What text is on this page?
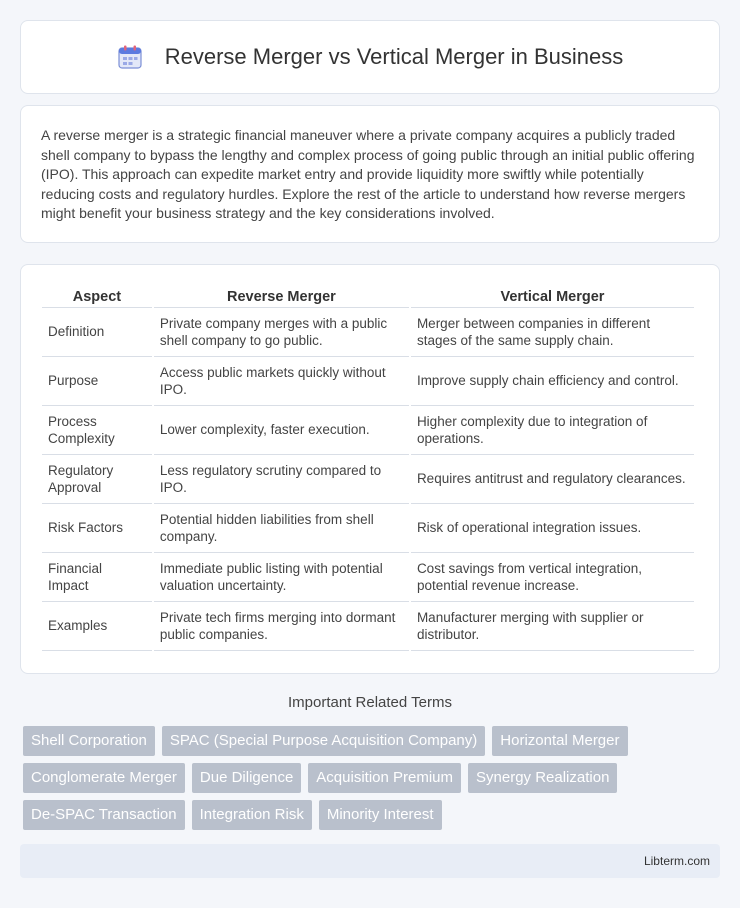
Reverse Merger vs Vertical Merger in Business

A reverse merger is a strategic financial maneuver where a private company acquires a publicly traded shell company to bypass the lengthy and complex process of going public through an initial public offering (IPO). This approach can expedite market entry and provide liquidity more swiftly while potentially reducing costs and regulatory hurdles. Explore the rest of the article to understand how reverse mergers might benefit your business strategy and the key considerations involved.

Aspect	Reverse Merger	Vertical Merger
Definition	Private company merges with a public shell company to go public.	Merger between companies in different stages of the same supply chain.
Purpose	Access public markets quickly without IPO.	Improve supply chain efficiency and control.
Process Complexity	Lower complexity, faster execution.	Higher complexity due to integration of operations.
Regulatory Approval	Less regulatory scrutiny compared to IPO.	Requires antitrust and regulatory clearances.
Risk Factors	Potential hidden liabilities from shell company.	Risk of operational integration issues.
Financial Impact	Immediate public listing with potential valuation uncertainty.	Cost savings from vertical integration, potential revenue increase.
Examples	Private tech firms merging into dormant public companies.	Manufacturer merging with supplier or distributor.
Important Related Terms
Shell Corporation	SPAC (Special Purpose Acquisition Company)	Horizontal Merger
Conglomerate Merger	Due Diligence	Acquisition Premium	Synergy Realization
De-SPAC Transaction	Integration Risk	Minority Interest
Libterm.com
